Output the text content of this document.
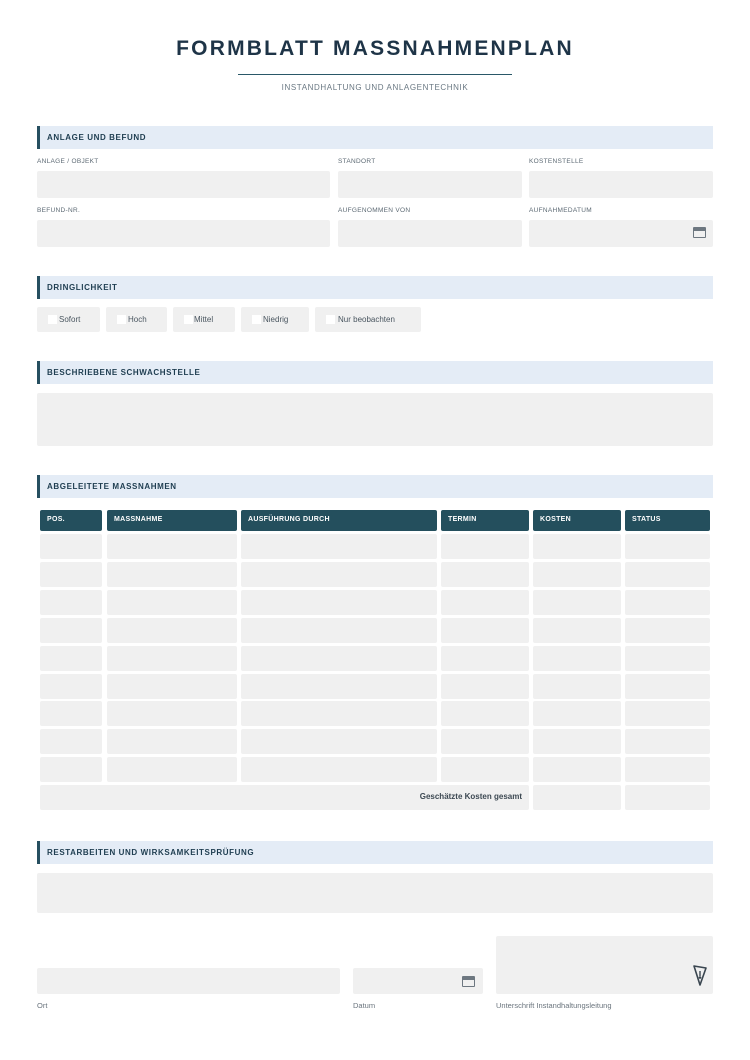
FORMBLATT MASSNAHMENPLAN
INSTANDHALTUNG UND ANLAGENTECHNIK
ANLAGE UND BEFUND
ANLAGE / OBJEKT	STANDORT	KOSTENSTELLE
BEFUND-NR.	AUFGENOMMEN VON	AUFNAHMEDATUM
DRINGLICHKEIT
Sofort	Hoch	Mittel	Niedrig	Nur beobachten
BESCHRIEBENE SCHWACHSTELLE
ABGELEITETE MASSNAHMEN
POS.	MASSNAHME	AUSFÜHRUNG DURCH	TERMIN	KOSTEN	STATUS
Geschätzte Kosten gesamt
RESTARBEITEN UND WIRKSAMKEITSPRÜFUNG
Ort	Datum	Unterschrift Instandhaltungsleitung
